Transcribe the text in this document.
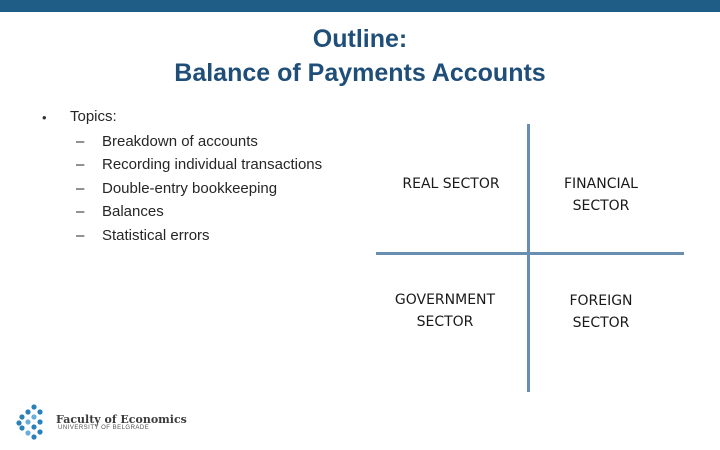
Outline:
Balance of Payments Accounts
• Topics:
– Breakdown of accounts
– Recording individual transactions
– Double-entry bookkeeping
– Balances
– Statistical errors
REAL SECTOR	FINANCIAL
SECTOR
GOVERNMENT
SECTOR
FOREIGN
SECTOR
Faculty of Economics
UNIVERSITY OF BELGRADE
